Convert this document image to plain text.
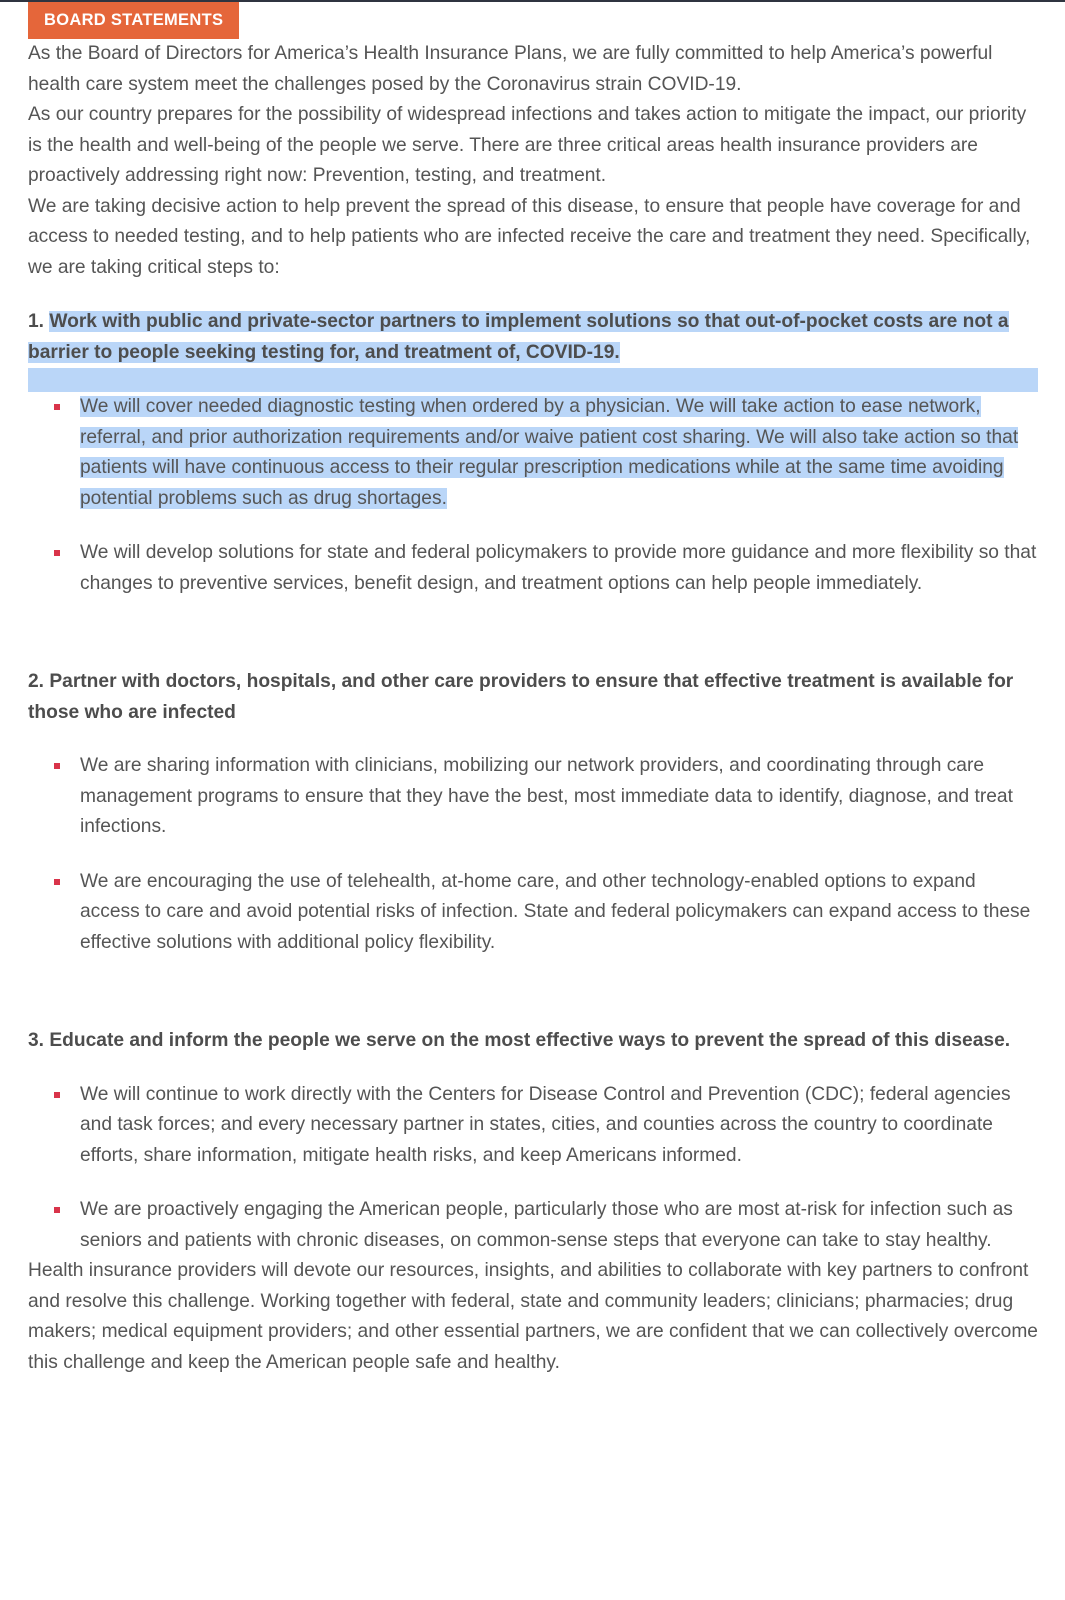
BOARD STATEMENTS

As the Board of Directors for America’s Health Insurance Plans, we are fully committed to help America’s powerful health care system meet the challenges posed by the Coronavirus strain COVID-19.

As our country prepares for the possibility of widespread infections and takes action to mitigate the impact, our priority is the health and well-being of the people we serve. There are three critical areas health insurance providers are proactively addressing right now: Prevention, testing, and treatment.

We are taking decisive action to help prevent the spread of this disease, to ensure that people have coverage for and access to needed testing, and to help patients who are infected receive the care and treatment they need. Specifically, we are taking critical steps to:

1. Work with public and private-sector partners to implement solutions so that out-of-pocket costs are not a barrier to people seeking testing for, and treatment of, COVID-19.

We will cover needed diagnostic testing when ordered by a physician. We will take action to ease network, referral, and prior authorization requirements and/or waive patient cost sharing. We will also take action so that patients will have continuous access to their regular prescription medications while at the same time avoiding potential problems such as drug shortages.
We will develop solutions for state and federal policymakers to provide more guidance and more flexibility so that changes to preventive services, benefit design, and treatment options can help people immediately.

2. Partner with doctors, hospitals, and other care providers to ensure that effective treatment is available for those who are infected

We are sharing information with clinicians, mobilizing our network providers, and coordinating through care management programs to ensure that they have the best, most immediate data to identify, diagnose, and treat infections.
We are encouraging the use of telehealth, at-home care, and other technology-enabled options to expand access to care and avoid potential risks of infection. State and federal policymakers can expand access to these effective solutions with additional policy flexibility.

3. Educate and inform the people we serve on the most effective ways to prevent the spread of this disease.

We will continue to work directly with the Centers for Disease Control and Prevention (CDC); federal agencies and task forces; and every necessary partner in states, cities, and counties across the country to coordinate efforts, share information, mitigate health risks, and keep Americans informed.
We are proactively engaging the American people, particularly those who are most at-risk for infection such as seniors and patients with chronic diseases, on common-sense steps that everyone can take to stay healthy.

Health insurance providers will devote our resources, insights, and abilities to collaborate with key partners to confront and resolve this challenge. Working together with federal, state and community leaders; clinicians; pharmacies; drug makers; medical equipment providers; and other essential partners, we are confident that we can collectively overcome this challenge and keep the American people safe and healthy.
